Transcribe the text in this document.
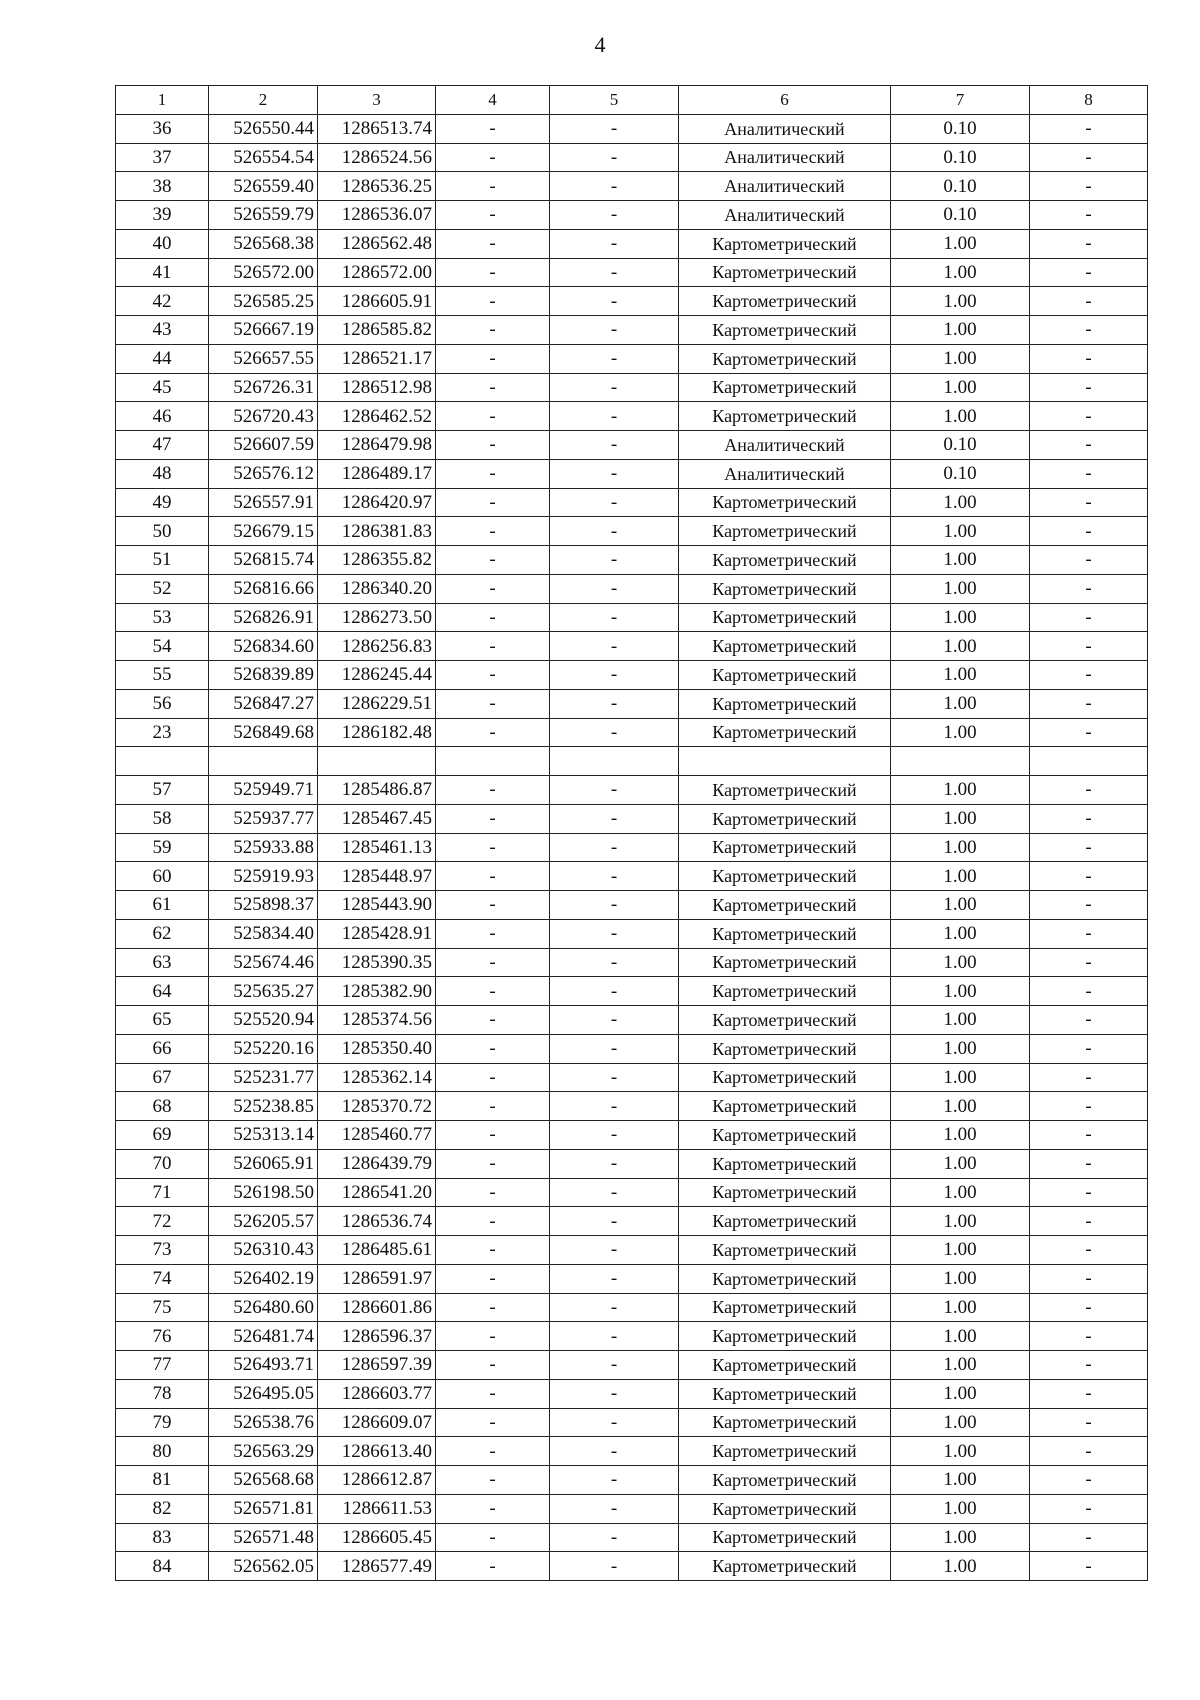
4
1	2	3	4	5	6	7	8
36	526550.44	1286513.74	-	-	Аналитический	0.10	-
37	526554.54	1286524.56	-	-	Аналитический	0.10	-
38	526559.40	1286536.25	-	-	Аналитический	0.10	-
39	526559.79	1286536.07	-	-	Аналитический	0.10	-
40	526568.38	1286562.48	-	-	Картометрический	1.00	-
41	526572.00	1286572.00	-	-	Картометрический	1.00	-
42	526585.25	1286605.91	-	-	Картометрический	1.00	-
43	526667.19	1286585.82	-	-	Картометрический	1.00	-
44	526657.55	1286521.17	-	-	Картометрический	1.00	-
45	526726.31	1286512.98	-	-	Картометрический	1.00	-
46	526720.43	1286462.52	-	-	Картометрический	1.00	-
47	526607.59	1286479.98	-	-	Аналитический	0.10	-
48	526576.12	1286489.17	-	-	Аналитический	0.10	-
49	526557.91	1286420.97	-	-	Картометрический	1.00	-
50	526679.15	1286381.83	-	-	Картометрический	1.00	-
51	526815.74	1286355.82	-	-	Картометрический	1.00	-
52	526816.66	1286340.20	-	-	Картометрический	1.00	-
53	526826.91	1286273.50	-	-	Картометрический	1.00	-
54	526834.60	1286256.83	-	-	Картометрический	1.00	-
55	526839.89	1286245.44	-	-	Картометрический	1.00	-
56	526847.27	1286229.51	-	-	Картометрический	1.00	-
23	526849.68	1286182.48	-	-	Картометрический	1.00	-

57	525949.71	1285486.87	-	-	Картометрический	1.00	-
58	525937.77	1285467.45	-	-	Картометрический	1.00	-
59	525933.88	1285461.13	-	-	Картометрический	1.00	-
60	525919.93	1285448.97	-	-	Картометрический	1.00	-
61	525898.37	1285443.90	-	-	Картометрический	1.00	-
62	525834.40	1285428.91	-	-	Картометрический	1.00	-
63	525674.46	1285390.35	-	-	Картометрический	1.00	-
64	525635.27	1285382.90	-	-	Картометрический	1.00	-
65	525520.94	1285374.56	-	-	Картометрический	1.00	-
66	525220.16	1285350.40	-	-	Картометрический	1.00	-
67	525231.77	1285362.14	-	-	Картометрический	1.00	-
68	525238.85	1285370.72	-	-	Картометрический	1.00	-
69	525313.14	1285460.77	-	-	Картометрический	1.00	-
70	526065.91	1286439.79	-	-	Картометрический	1.00	-
71	526198.50	1286541.20	-	-	Картометрический	1.00	-
72	526205.57	1286536.74	-	-	Картометрический	1.00	-
73	526310.43	1286485.61	-	-	Картометрический	1.00	-
74	526402.19	1286591.97	-	-	Картометрический	1.00	-
75	526480.60	1286601.86	-	-	Картометрический	1.00	-
76	526481.74	1286596.37	-	-	Картометрический	1.00	-
77	526493.71	1286597.39	-	-	Картометрический	1.00	-
78	526495.05	1286603.77	-	-	Картометрический	1.00	-
79	526538.76	1286609.07	-	-	Картометрический	1.00	-
80	526563.29	1286613.40	-	-	Картометрический	1.00	-
81	526568.68	1286612.87	-	-	Картометрический	1.00	-
82	526571.81	1286611.53	-	-	Картометрический	1.00	-
83	526571.48	1286605.45	-	-	Картометрический	1.00	-
84	526562.05	1286577.49	-	-	Картометрический	1.00	-
